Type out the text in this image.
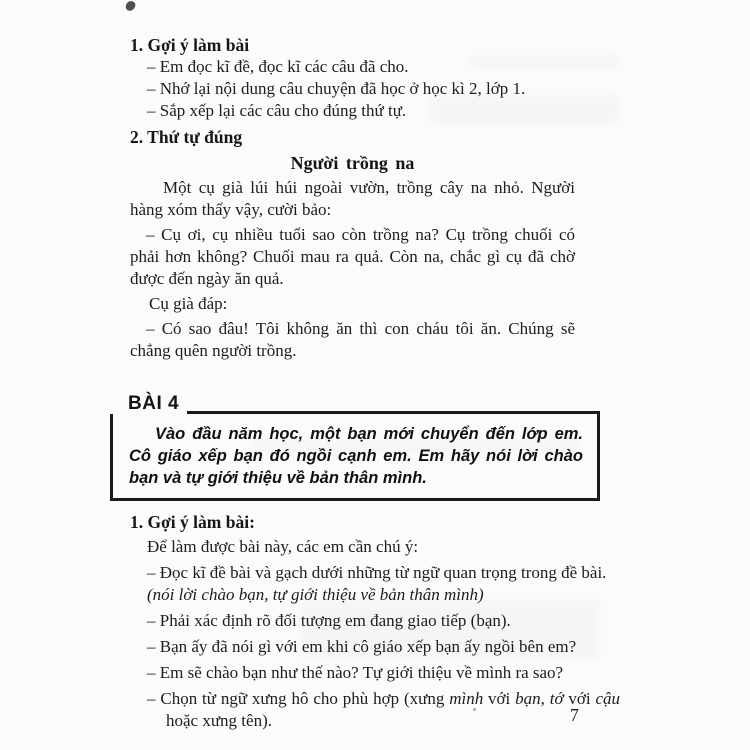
1. Gợi ý làm bài
– Em đọc kĩ đề, đọc kĩ các câu đã cho.
– Nhớ lại nội dung câu chuyện đã học ở học kì 2, lớp 1.
– Sắp xếp lại các câu cho đúng thứ tự.
2. Thứ tự đúng
Người trồng na

Một cụ già lúi húi ngoài vườn, trồng cây na nhỏ. Người hàng xóm thấy vậy, cười bảo:

– Cụ ơi, cụ nhiều tuổi sao còn trồng na? Cụ trồng chuối có phải hơn không? Chuối mau ra quả. Còn na, chắc gì cụ đã chờ được đến ngày ăn quả.

Cụ già đáp:

– Có sao đâu! Tôi không ăn thì con cháu tôi ăn. Chúng sẽ chẳng quên người trồng.

BÀI 4

Vào đầu năm học, một bạn mới chuyển đến lớp em. Cô giáo xếp bạn đó ngồi cạnh em. Em hãy nói lời chào bạn và tự giới thiệu về bản thân mình.

1. Gợi ý làm bài:
Để làm được bài này, các em cần chú ý:
– Đọc kĩ đề bài và gạch dưới những từ ngữ quan trọng trong đề bài.
(nói lời chào bạn, tự giới thiệu về bản thân mình)
– Phải xác định rõ đối tượng em đang giao tiếp (bạn).
– Bạn ấy đã nói gì với em khi cô giáo xếp bạn ấy ngồi bên em?
– Em sẽ chào bạn như thế nào? Tự giới thiệu về mình ra sao?
– Chọn từ ngữ xưng hô cho phù hợp (xưng mình với bạn, tớ với cậu hoặc xưng tên).	7
